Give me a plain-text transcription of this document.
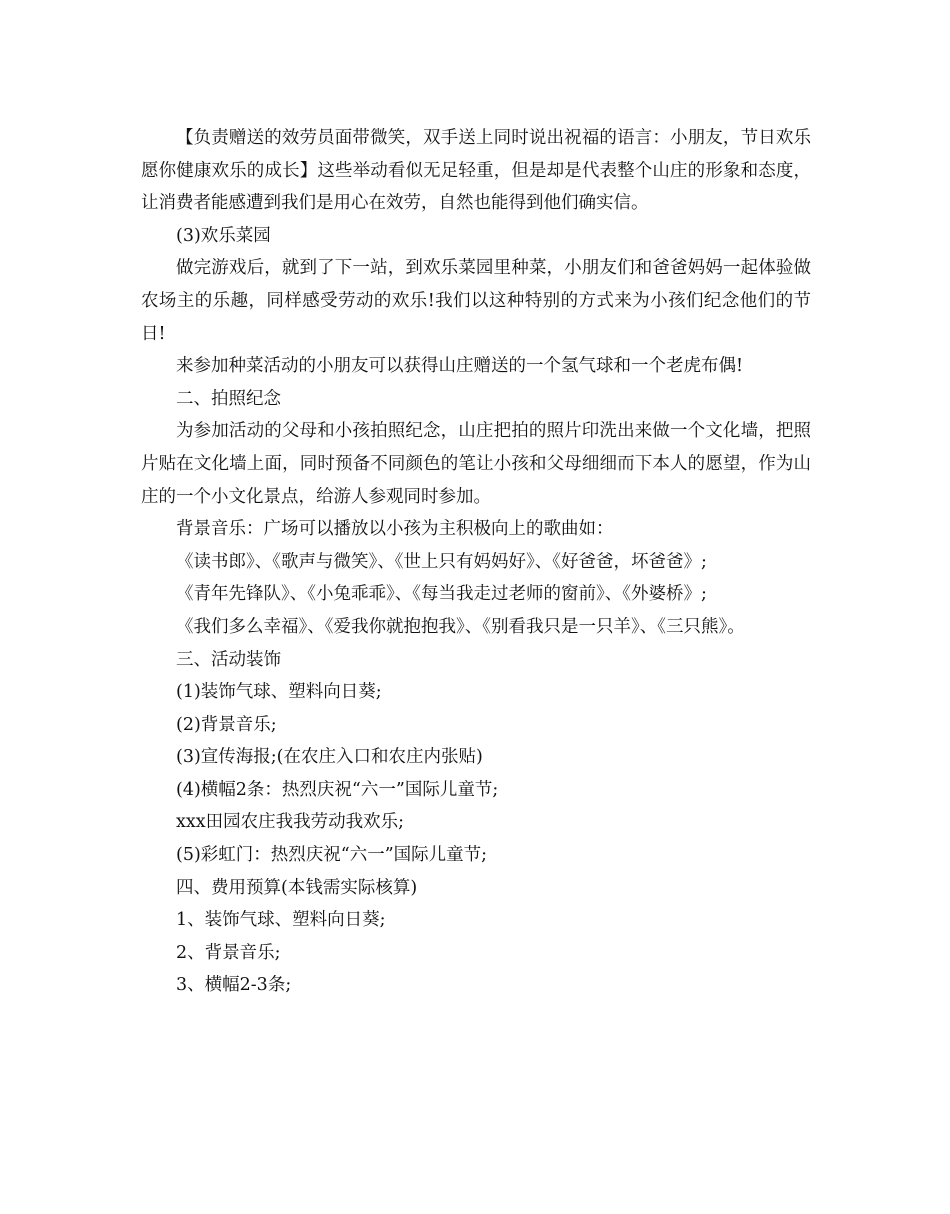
【负责赠送的效劳员面带微笑，双手送上同时说出祝福的语言：小朋友，节日欢乐愿你健康欢乐的成长】这些举动看似无足轻重，但是却是代表整个山庄的形象和态度，让消费者能感遭到我们是用心在效劳，自然也能得到他们确实信。

(3)欢乐菜园

做完游戏后，就到了下一站，到欢乐菜园里种菜，小朋友们和爸爸妈妈一起体验做农场主的乐趣，同样感受劳动的欢乐!我们以这种特别的方式来为小孩们纪念他们的节日!

来参加种菜活动的小朋友可以获得山庄赠送的一个氢气球和一个老虎布偶!

二、拍照纪念

为参加活动的父母和小孩拍照纪念，山庄把拍的照片印洗出来做一个文化墙，把照片贴在文化墙上面，同时预备不同颜色的笔让小孩和父母细细而下本人的愿望，作为山庄的一个小文化景点，给游人参观同时参加。

背景音乐：广场可以播放以小孩为主积极向上的歌曲如：

《读书郎》、《歌声与微笑》、《世上只有妈妈好》、《好爸爸，坏爸爸》;

《青年先锋队》、《小兔乖乖》、《每当我走过老师的窗前》、《外婆桥》;

《我们多么幸福》、《爱我你就抱抱我》、《别看我只是一只羊》、《三只熊》。

三、活动装饰

(1)装饰气球、塑料向日葵;

(2)背景音乐;

(3)宣传海报;(在农庄入口和农庄内张贴)

(4)横幅2条：热烈庆祝“六一”国际儿童节;

xxx田园农庄我我劳动我欢乐;

(5)彩虹门：热烈庆祝“六一”国际儿童节;

四、费用预算(本钱需实际核算)

1、装饰气球、塑料向日葵;

2、背景音乐;

3、横幅2-3条;
